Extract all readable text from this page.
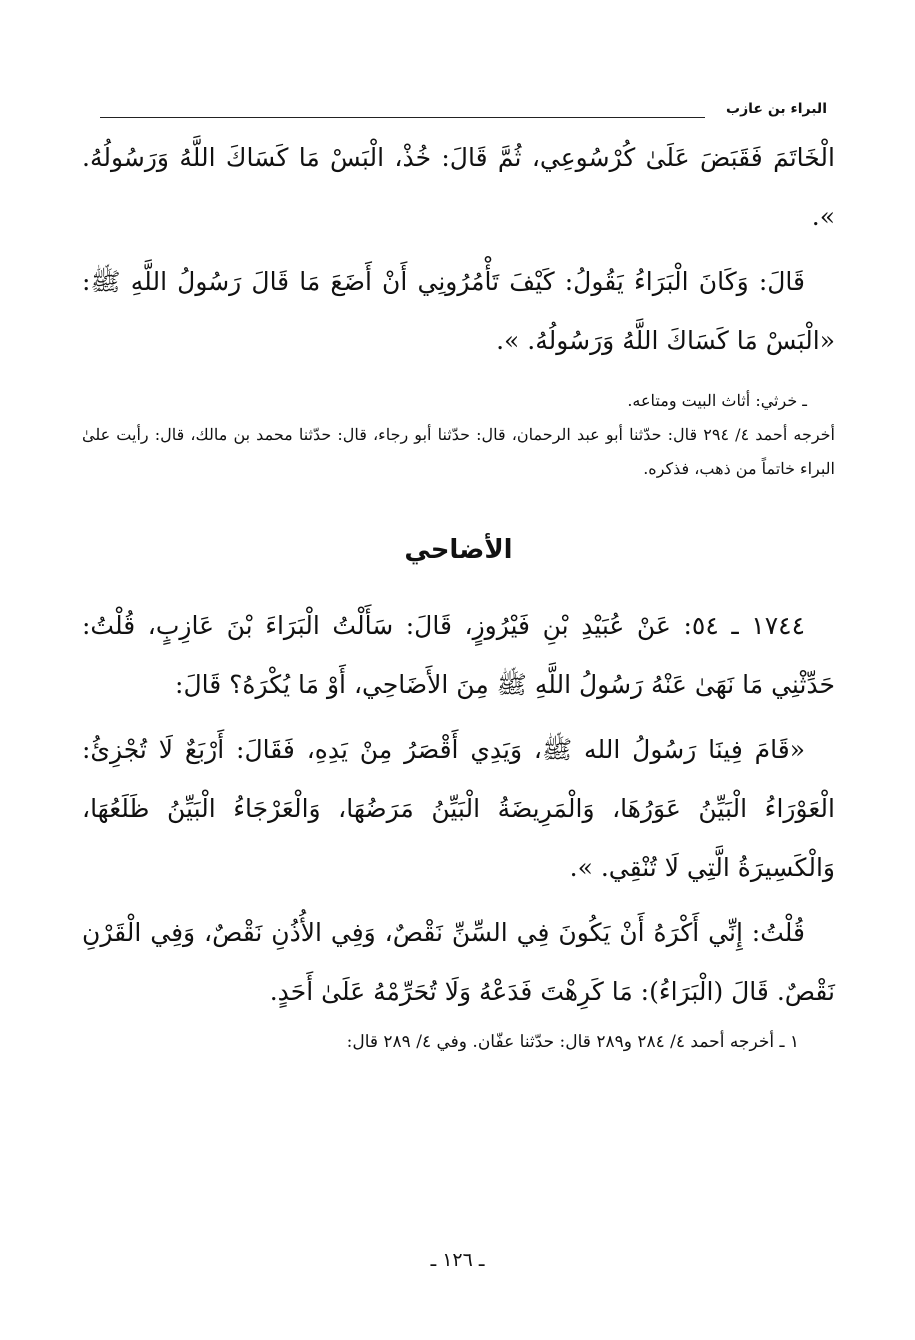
البراء بن عازب

الْخَاتَمَ فَقَبَضَ عَلَىٰ كُرْسُوعِي، ثُمَّ قَالَ: خُذْ، الْبَسْ مَا كَسَاكَ اللَّهُ وَرَسُولُهُ. ».

قَالَ: وَكَانَ الْبَرَاءُ يَقُولُ: كَيْفَ تَأْمُرُونِي أَنْ أَضَعَ مَا قَالَ رَسُولُ اللَّهِ ﷺ: «الْبَسْ مَا كَسَاكَ اللَّهُ وَرَسُولُهُ. ».

ـ خرثي: أثاث البيت ومتاعه.

أخرجه أحمد ٤/ ٢٩٤ قال: حدّثنا أبو عبد الرحمان، قال: حدّثنا أبو رجاء، قال: حدّثنا محمد بن مالك، قال: رأيت علىٰ البراء خاتماً من ذهب، فذكره.

الأضاحي

١٧٤٤ ـ ٥٤: عَنْ عُبَيْدِ بْنِ فَيْرُوزٍ، قَالَ: سَأَلْتُ الْبَرَاءَ بْنَ عَازِبٍ، قُلْتُ: حَدِّثْنِي مَا نَهَىٰ عَنْهُ رَسُولُ اللَّهِ ﷺ مِنَ الأَضَاحِي، أَوْ مَا يُكْرَهُ؟ قَالَ:

«قَامَ فِينَا رَسُولُ الله ﷺ، وَيَدِي أَقْصَرُ مِنْ يَدِهِ، فَقَالَ: أَرْبَعٌ لَا تُجْزِئُ: الْعَوْرَاءُ الْبَيِّنُ عَوَرُهَا، وَالْمَرِيضَةُ الْبَيِّنُ مَرَضُهَا، وَالْعَرْجَاءُ الْبَيِّنُ ظَلَعُهَا، وَالْكَسِيرَةُ الَّتِي لَا تُنْقِي. ».

قُلْتُ: إِنِّي أَكْرَهُ أَنْ يَكُونَ فِي السِّنِّ نَقْصٌ، وَفِي الأُذُنِ نَقْصٌ، وَفِي الْقَرْنِ نَقْصٌ. قَالَ (الْبَرَاءُ): مَا كَرِهْتَ فَدَعْهُ وَلَا تُحَرِّمْهُ عَلَىٰ أَحَدٍ.

١ ـ أخرجه أحمد ٤/ ٢٨٤ و٢٨٩ قال: حدّثنا عفّان. وفي ٤/ ٢٨٩ قال:

ـ ١٢٦ ـ
